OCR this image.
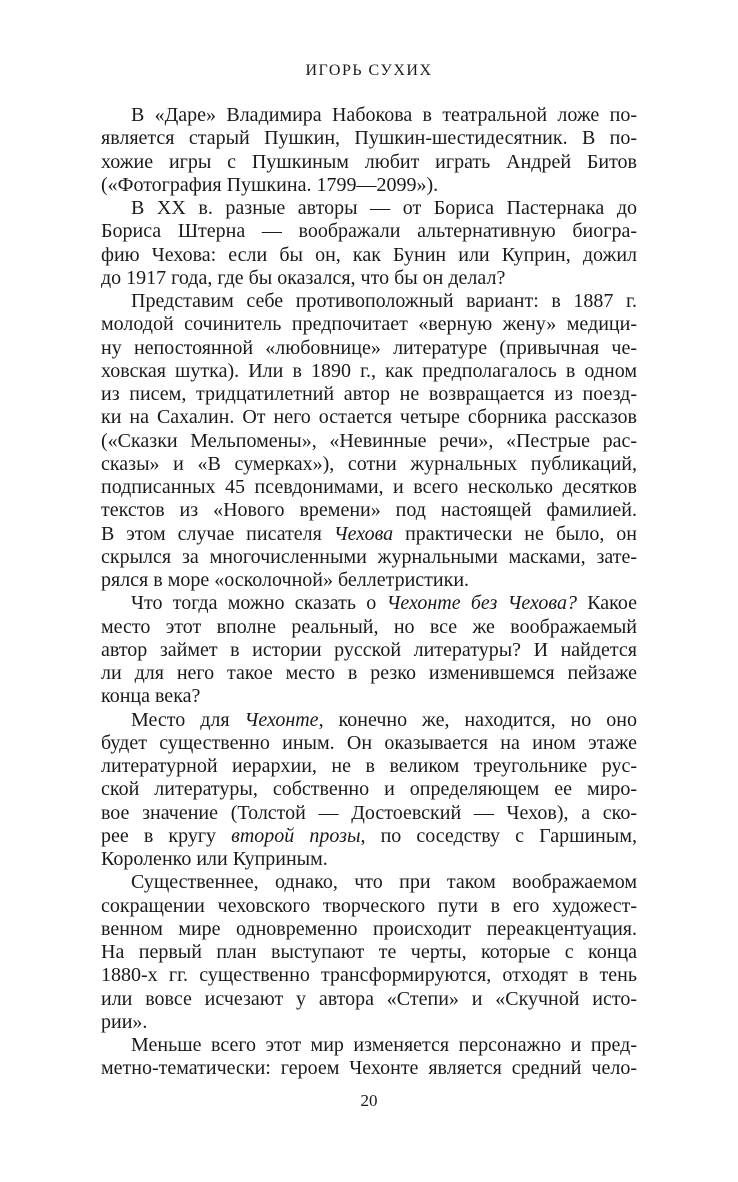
ИГОРЬ СУХИХ
В «Даре» Владимира Набокова в театральной ложе по-
является старый Пушкин, Пушкин-шестидесятник. В по-
хожие игры с Пушкиным любит играть Андрей Битов
(«Фотография Пушкина. 1799—2099»).
В XX в. разные авторы — от Бориса Пастернака до
Бориса Штерна — воображали альтернативную биогра-
фию Чехова: если бы он, как Бунин или Куприн, дожил
до 1917 года, где бы оказался, что бы он делал?
Представим себе противоположный вариант: в 1887 г.
молодой сочинитель предпочитает «верную жену» медици-
ну непостоянной «любовнице» литературе (привычная че-
ховская шутка). Или в 1890 г., как предполагалось в одном
из писем, тридцатилетний автор не возвращается из поезд-
ки на Сахалин. От него остается четыре сборника рассказов
(«Сказки Мельпомены», «Невинные речи», «Пестрые рас-
сказы» и «В сумерках»), сотни журнальных публикаций,
подписанных 45 псевдонимами, и всего несколько десятков
текстов из «Нового времени» под настоящей фамилией.
В этом случае писателя Чехова практически не было, он
скрылся за многочисленными журнальными масками, зате-
рялся в море «осколочной» беллетристики.
Что тогда можно сказать о Чехонте без Чехова? Какое
место этот вполне реальный, но все же воображаемый
автор займет в истории русской литературы? И найдется
ли для него такое место в резко изменившемся пейзаже
конца века?
Место для Чехонте, конечно же, находится, но оно
будет существенно иным. Он оказывается на ином этаже
литературной иерархии, не в великом треугольнике рус-
ской литературы, собственно и определяющем ее миро-
вое значение (Толстой — Достоевский — Чехов), а ско-
рее в кругу второй прозы, по соседству с Гаршиным,
Короленко или Куприным.
Существеннее, однако, что при таком воображаемом
сокращении чеховского творческого пути в его художест-
венном мире одновременно происходит переакцентуация.
На первый план выступают те черты, которые с конца
1880-х гг. существенно трансформируются, отходят в тень
или вовсе исчезают у автора «Степи» и «Скучной исто-
рии».
Меньше всего этот мир изменяется персонажно и пред-
метно-тематически: героем Чехонте является средний чело-
20
